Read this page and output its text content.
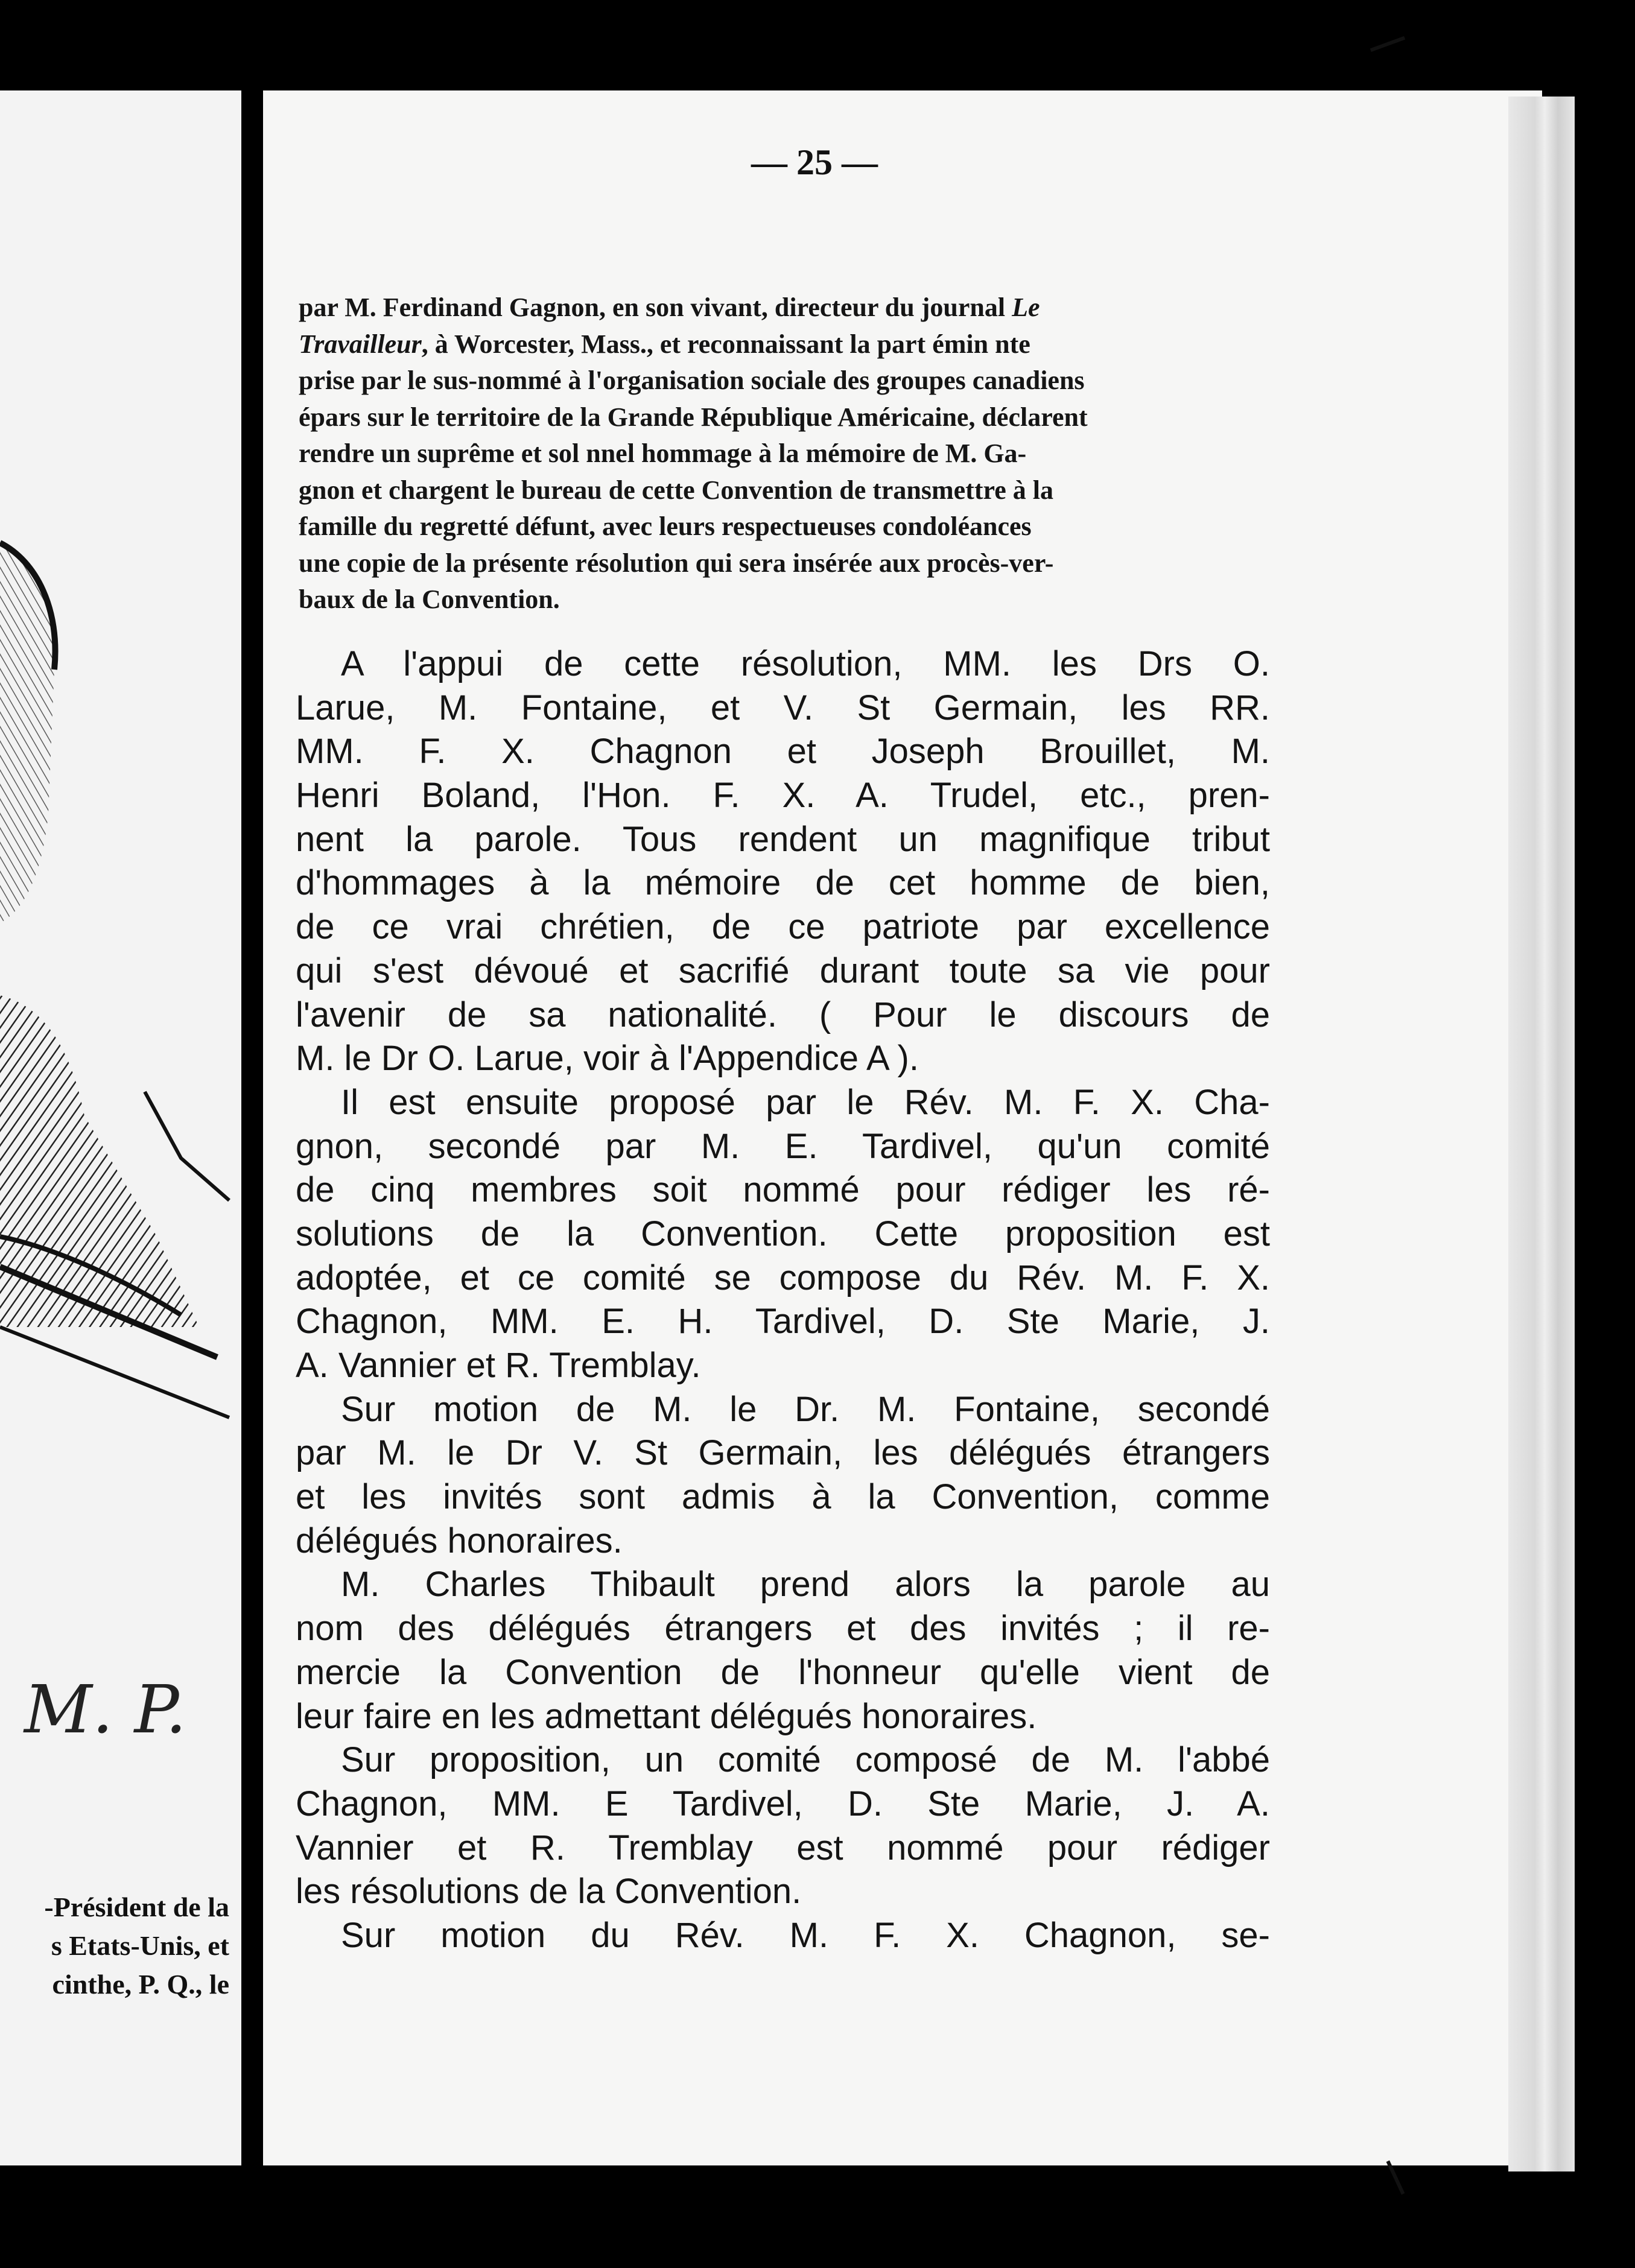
M. P.
-Président de la
s Etats-Unis, et
cinthe, P. Q., le
— 25 —
par M. Ferdinand Gagnon, en son vivant, directeur du journal Le
Travailleur, à Worcester, Mass., et reconnaissant la part émin nte
prise par le sus-nommé à l'organisation sociale des groupes canadiens
épars sur le territoire de la Grande République Américaine, déclarent
rendre un suprême et sol nnel hommage à la mémoire de M. Ga-
gnon et chargent le bureau de cette Convention de transmettre à la
famille du regretté défunt, avec leurs respectueuses condoléances
une copie de la présente résolution qui sera insérée aux procès-ver-
baux de la Convention.
A l'appui de cette résolution, MM. les Drs O.
Larue, M. Fontaine, et V. St Germain, les RR.
MM. F. X. Chagnon et Joseph Brouillet, M.
Henri Boland, l'Hon. F. X. A. Trudel, etc., pren-
nent la parole. Tous rendent un magnifique tribut
d'hommages à la mémoire de cet homme de bien,
de ce vrai chrétien, de ce patriote par excellence
qui s'est dévoué et sacrifié durant toute sa vie pour
l'avenir de sa nationalité. ( Pour le discours de
M. le Dr O. Larue, voir à l'Appendice A ).
Il est ensuite proposé par le Rév. M. F. X. Cha-
gnon, secondé par M. E. Tardivel, qu'un comité
de cinq membres soit nommé pour rédiger les ré-
solutions de la Convention. Cette proposition est
adoptée, et ce comité se compose du Rév. M. F. X.
Chagnon, MM. E. H. Tardivel, D. Ste Marie, J.
A. Vannier et R. Tremblay.
Sur motion de M. le Dr. M. Fontaine, secondé
par M. le Dr V. St Germain, les délégués étrangers
et les invités sont admis à la Convention, comme
délégués honoraires.
M. Charles Thibault prend alors la parole au
nom des délégués étrangers et des invités ; il re-
mercie la Convention de l'honneur qu'elle vient de
leur faire en les admettant délégués honoraires.
Sur proposition, un comité composé de M. l'abbé
Chagnon, MM. E Tardivel, D. Ste Marie, J. A.
Vannier et R. Tremblay est nommé pour rédiger
les résolutions de la Convention.
Sur motion du Rév. M. F. X. Chagnon, se-
